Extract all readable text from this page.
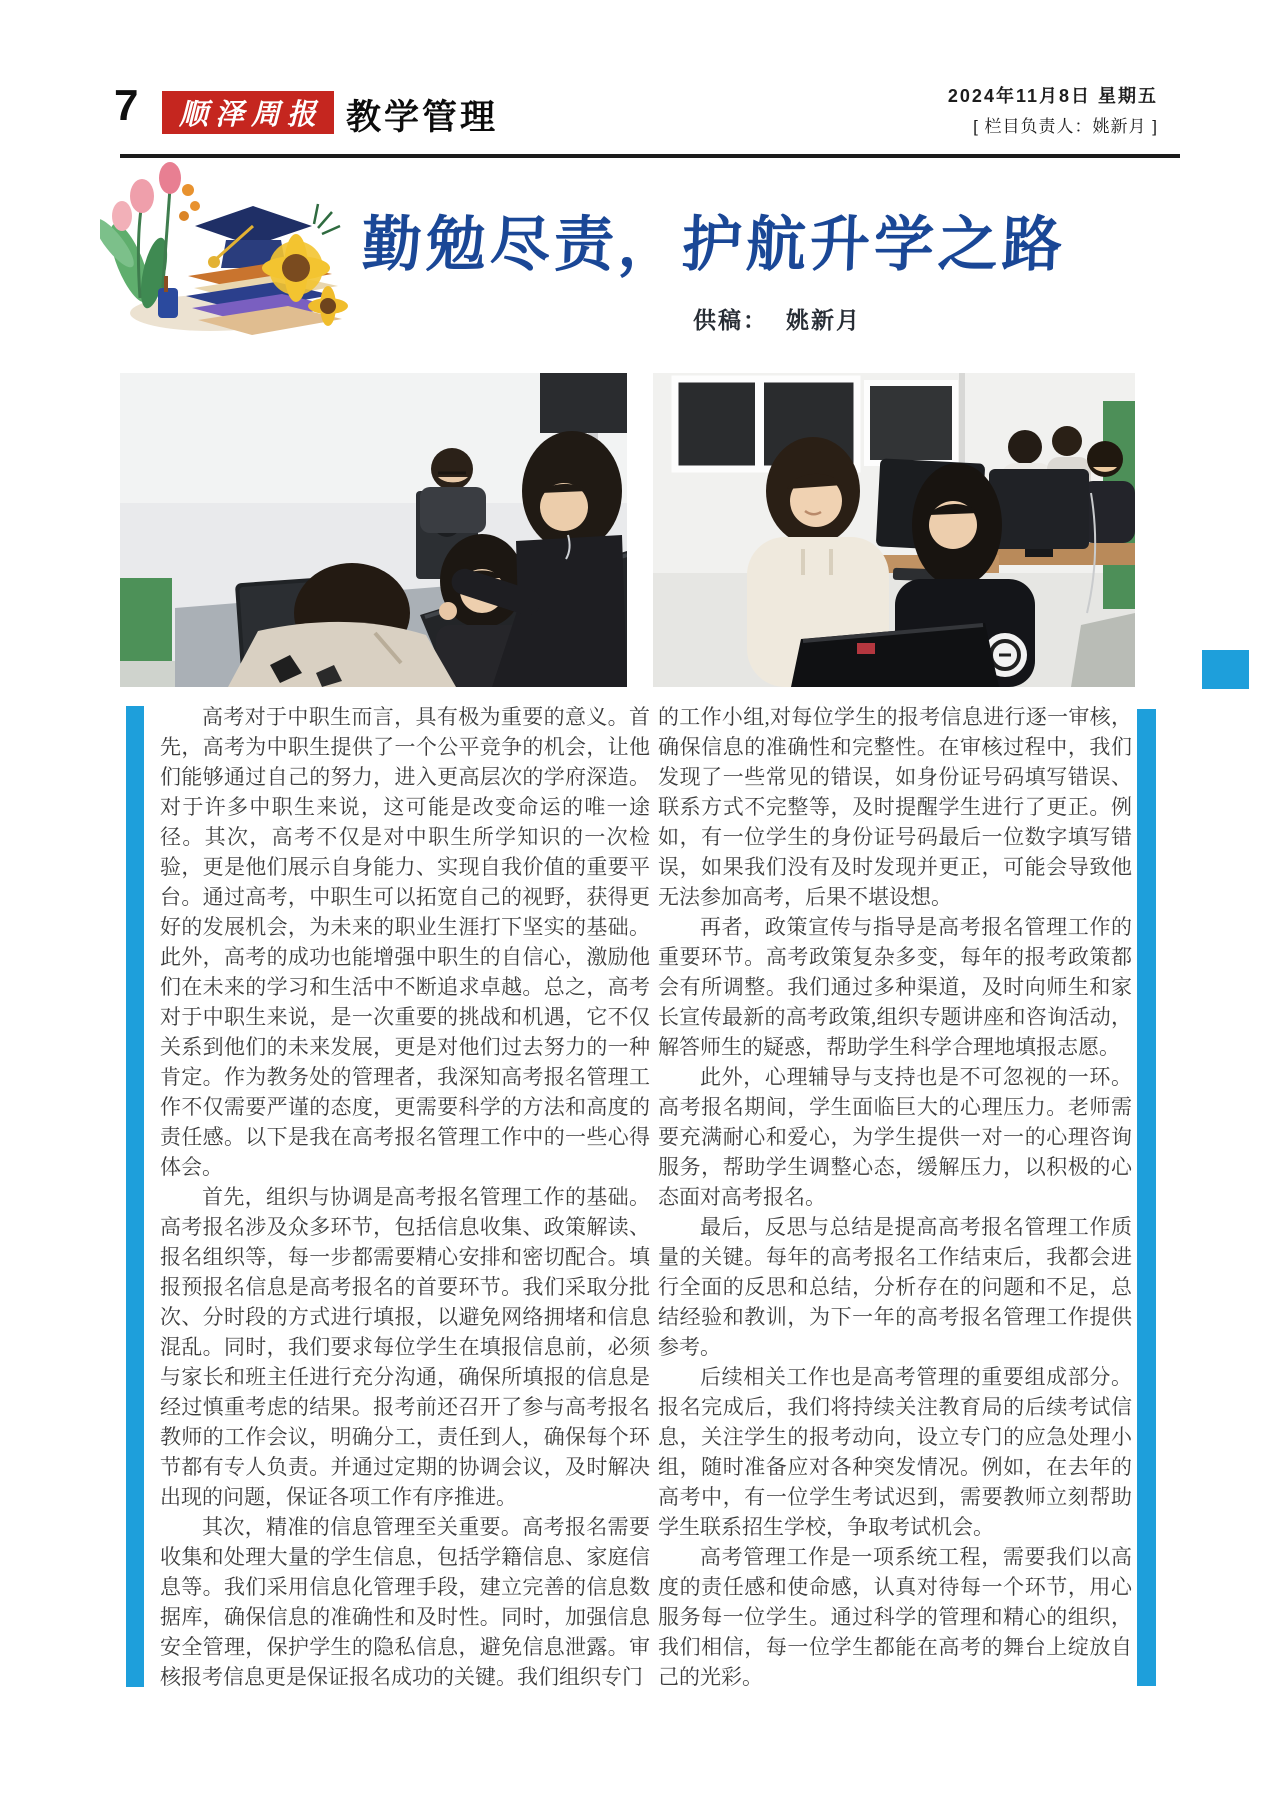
7 顺泽周报 教学管理
2024年11月8日 星期五
[ 栏目负责人：姚新月 ]
勤勉尽责，护航升学之路
供稿： 姚新月

高考对于中职生而言，具有极为重要的意义。首先，高考为中职生提供了一个公平竞争的机会，让他们能够通过自己的努力，进入更高层次的学府深造。对于许多中职生来说，这可能是改变命运的唯一途径。其次，高考不仅是对中职生所学知识的一次检验，更是他们展示自身能力、实现自我价值的重要平台。通过高考，中职生可以拓宽自己的视野，获得更好的发展机会，为未来的职业生涯打下坚实的基础。此外，高考的成功也能增强中职生的自信心，激励他们在未来的学习和生活中不断追求卓越。总之，高考对于中职生来说，是一次重要的挑战和机遇，它不仅关系到他们的未来发展，更是对他们过去努力的一种肯定。作为教务处的管理者，我深知高考报名管理工作不仅需要严谨的态度，更需要科学的方法和高度的责任感。以下是我在高考报名管理工作中的一些心得体会。

首先，组织与协调是高考报名管理工作的基础。高考报名涉及众多环节，包括信息收集、政策解读、报名组织等，每一步都需要精心安排和密切配合。填报预报名信息是高考报名的首要环节。我们采取分批次、分时段的方式进行填报，以避免网络拥堵和信息混乱。同时，我们要求每位学生在填报信息前，必须与家长和班主任进行充分沟通，确保所填报的信息是经过慎重考虑的结果。报考前还召开了参与高考报名教师的工作会议，明确分工，责任到人，确保每个环节都有专人负责。并通过定期的协调会议，及时解决出现的问题，保证各项工作有序推进。

其次，精准的信息管理至关重要。高考报名需要收集和处理大量的学生信息，包括学籍信息、家庭信息等。我们采用信息化管理手段，建立完善的信息数据库，确保信息的准确性和及时性。同时，加强信息安全管理，保护学生的隐私信息，避免信息泄露。审核报考信息更是保证报名成功的关键。我们组织专门

的工作小组,对每位学生的报考信息进行逐一审核，确保信息的准确性和完整性。在审核过程中，我们发现了一些常见的错误，如身份证号码填写错误、联系方式不完整等，及时提醒学生进行了更正。例如，有一位学生的身份证号码最后一位数字填写错误，如果我们没有及时发现并更正，可能会导致他无法参加高考，后果不堪设想。

再者，政策宣传与指导是高考报名管理工作的重要环节。高考政策复杂多变，每年的报考政策都会有所调整。我们通过多种渠道，及时向师生和家长宣传最新的高考政策,组织专题讲座和咨询活动，解答师生的疑惑，帮助学生科学合理地填报志愿。

此外，心理辅导与支持也是不可忽视的一环。高考报名期间，学生面临巨大的心理压力。老师需要充满耐心和爱心，为学生提供一对一的心理咨询服务，帮助学生调整心态，缓解压力，以积极的心态面对高考报名。

最后，反思与总结是提高高考报名管理工作质量的关键。每年的高考报名工作结束后，我都会进行全面的反思和总结，分析存在的问题和不足，总结经验和教训，为下一年的高考报名管理工作提供参考。

后续相关工作也是高考管理的重要组成部分。报名完成后，我们将持续关注教育局的后续考试信息，关注学生的报考动向，设立专门的应急处理小组，随时准备应对各种突发情况。例如，在去年的高考中，有一位学生考试迟到，需要教师立刻帮助学生联系招生学校，争取考试机会。

高考管理工作是一项系统工程，需要我们以高度的责任感和使命感，认真对待每一个环节，用心服务每一位学生。通过科学的管理和精心的组织，我们相信，每一位学生都能在高考的舞台上绽放自己的光彩。
